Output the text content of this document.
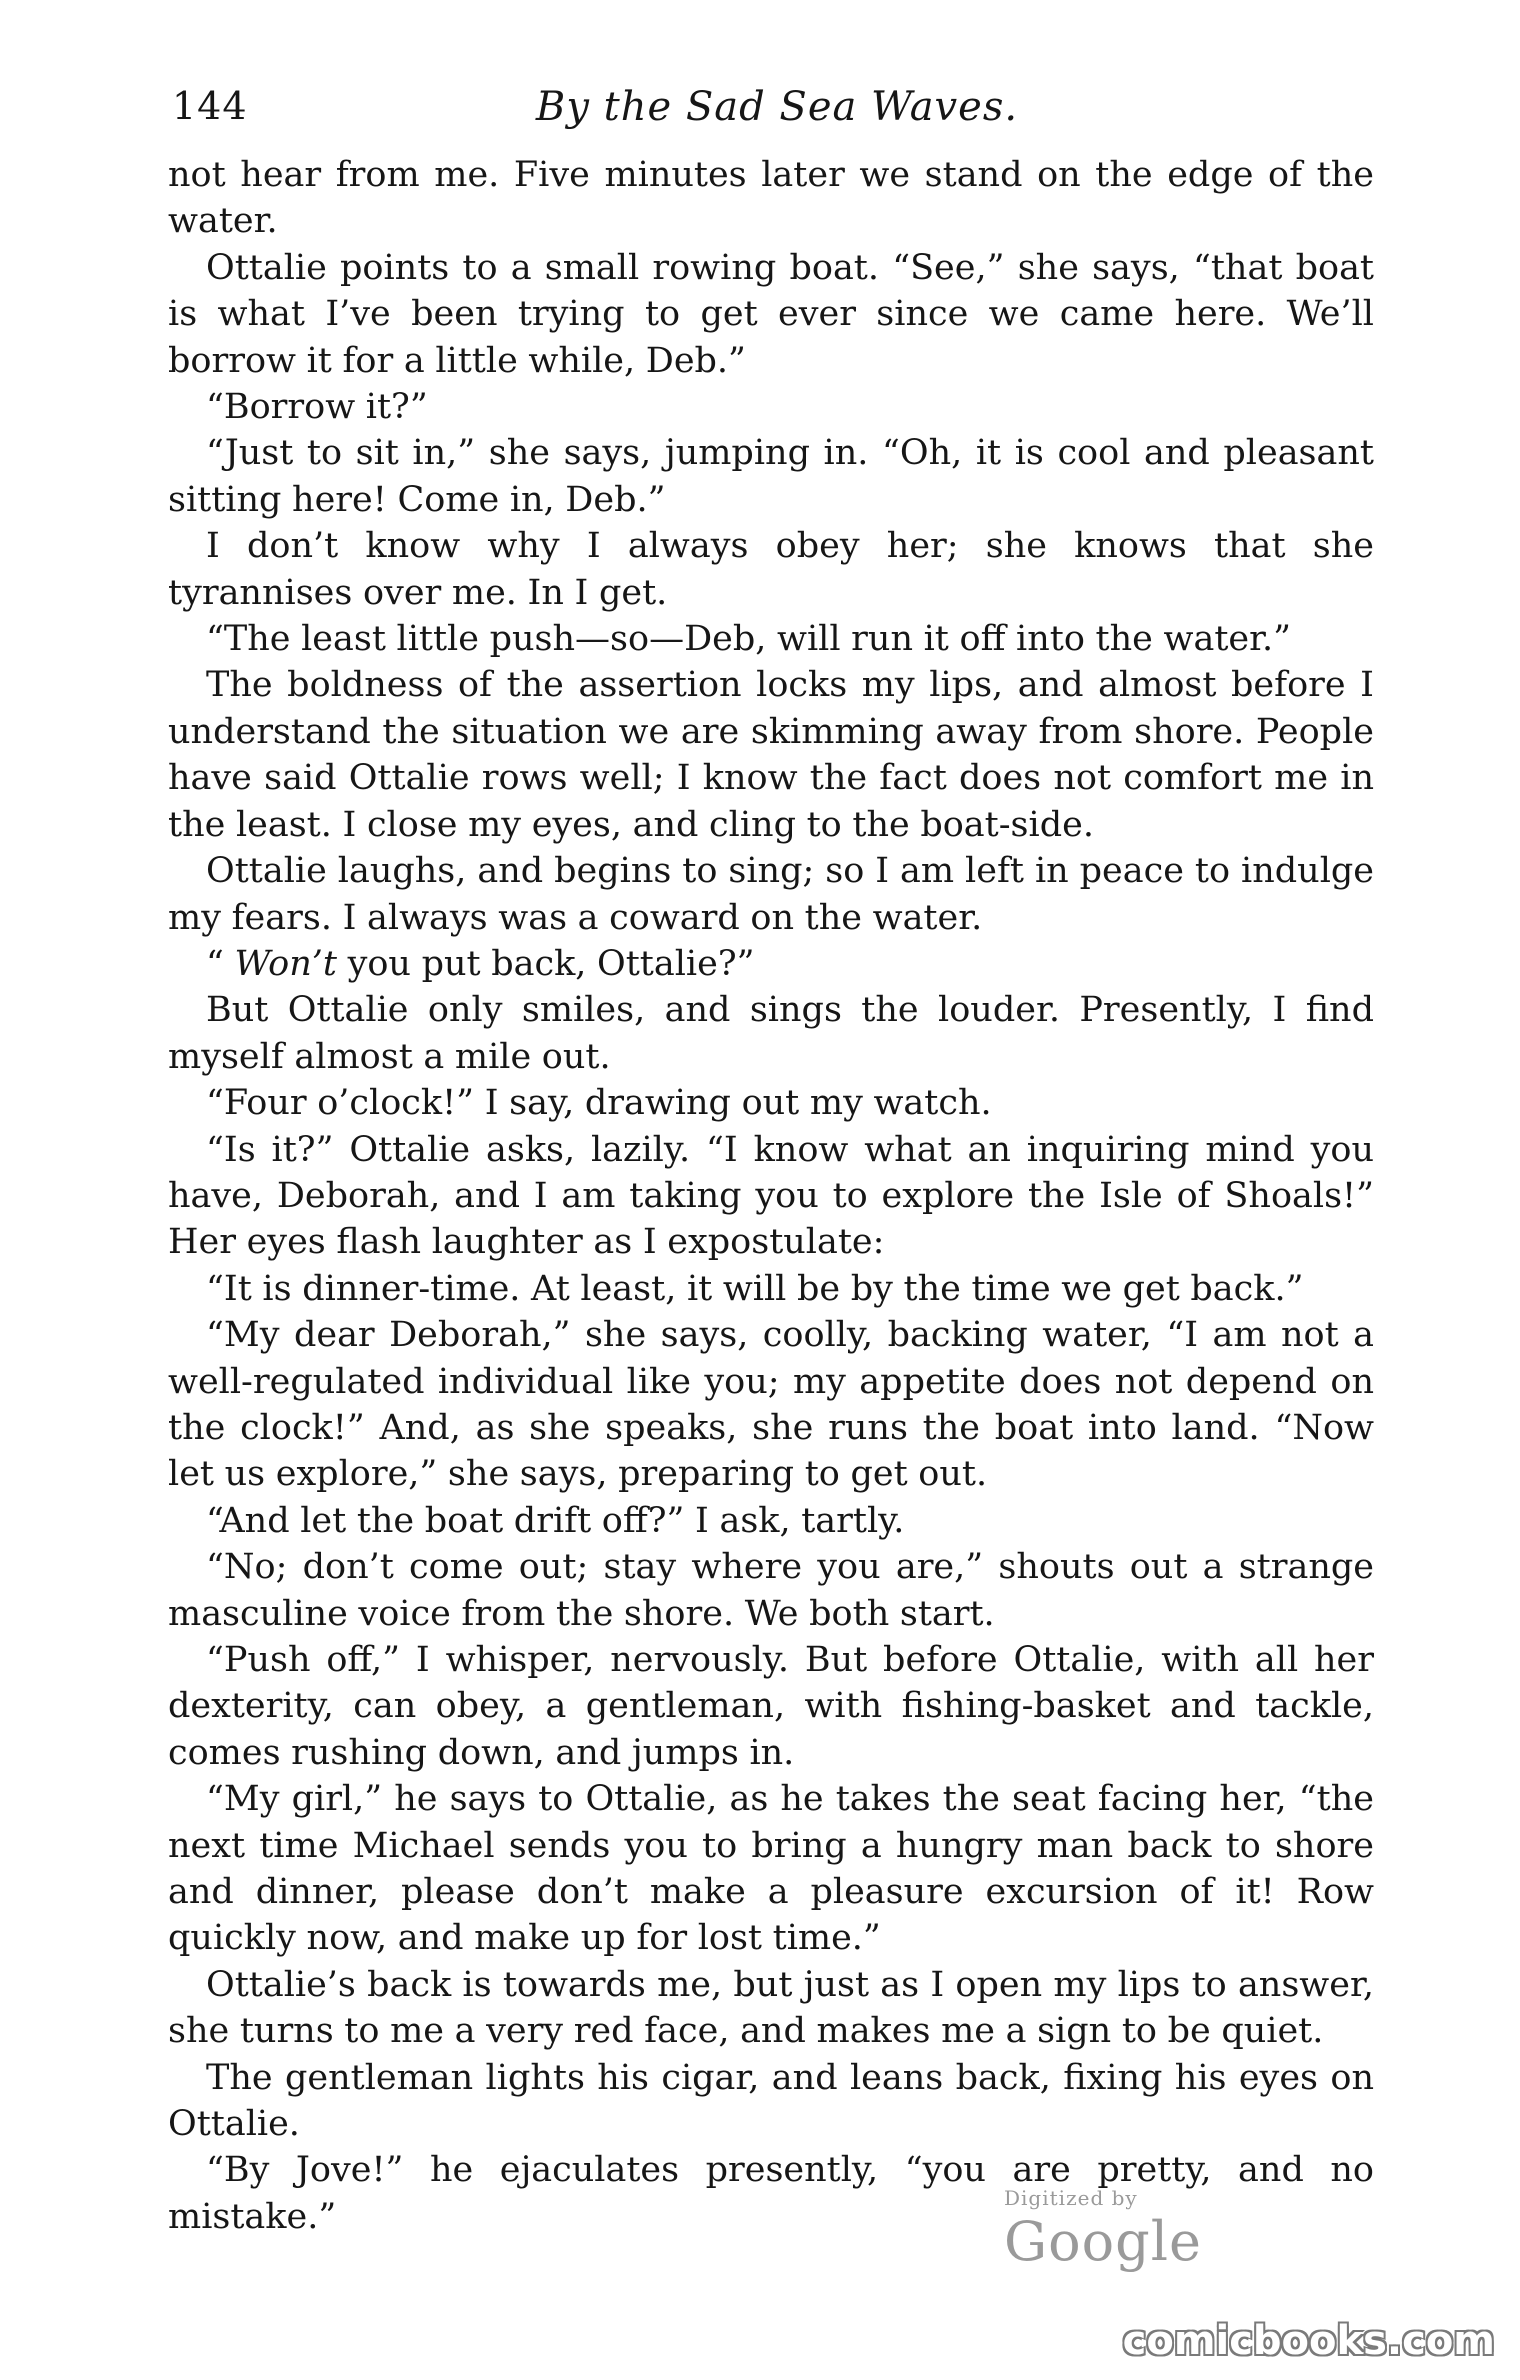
144	By the Sad Sea Waves.

not hear from me. Five minutes later we stand on the edge of the water.

Ottalie points to a small rowing boat. “See,” she says, “that boat is what I’ve been trying to get ever since we came here. We’ll borrow it for a little while, Deb.”

“Borrow it?”

“Just to sit in,” she says, jumping in. “Oh, it is cool and pleasant sitting here! Come in, Deb.”

I don’t know why I always obey her; she knows that she tyrannises over me. In I get.

“The least little push—so—Deb, will run it off into the water.”

The boldness of the assertion locks my lips, and almost before I understand the situation we are skimming away from shore. People have said Ottalie rows well; I know the fact does not comfort me in the least. I close my eyes, and cling to the boat-side.

Ottalie laughs, and begins to sing; so I am left in peace to indulge my fears. I always was a coward on the water.

“ Won’t you put back, Ottalie?”

But Ottalie only smiles, and sings the louder. Presently, I find myself almost a mile out.

“Four o’clock!” I say, drawing out my watch.

“Is it?” Ottalie asks, lazily. “I know what an inquiring mind you have, Deborah, and I am taking you to explore the Isle of Shoals!” Her eyes flash laughter as I expostulate:

“It is dinner-time. At least, it will be by the time we get back.”

“My dear Deborah,” she says, coolly, backing water, “I am not a well-regulated individual like you; my appetite does not depend on the clock!” And, as she speaks, she runs the boat into land. “Now let us explore,” she says, preparing to get out.

“And let the boat drift off?” I ask, tartly.

“No; don’t come out; stay where you are,” shouts out a strange masculine voice from the shore. We both start.

“Push off,” I whisper, nervously. But before Ottalie, with all her dexterity, can obey, a gentleman, with fishing-basket and tackle, comes rushing down, and jumps in.

“My girl,” he says to Ottalie, as he takes the seat facing her, “the next time Michael sends you to bring a hungry man back to shore and dinner, please don’t make a pleasure excursion of it! Row quickly now, and make up for lost time.”

Ottalie’s back is towards me, but just as I open my lips to answer, she turns to me a very red face, and makes me a sign to be quiet.

The gentleman lights his cigar, and leans back, fixing his eyes on Ottalie.

“By Jove!” he ejaculates presently, “you are pretty, and no mistake.”	Digitized by Google
comicbooks.com
